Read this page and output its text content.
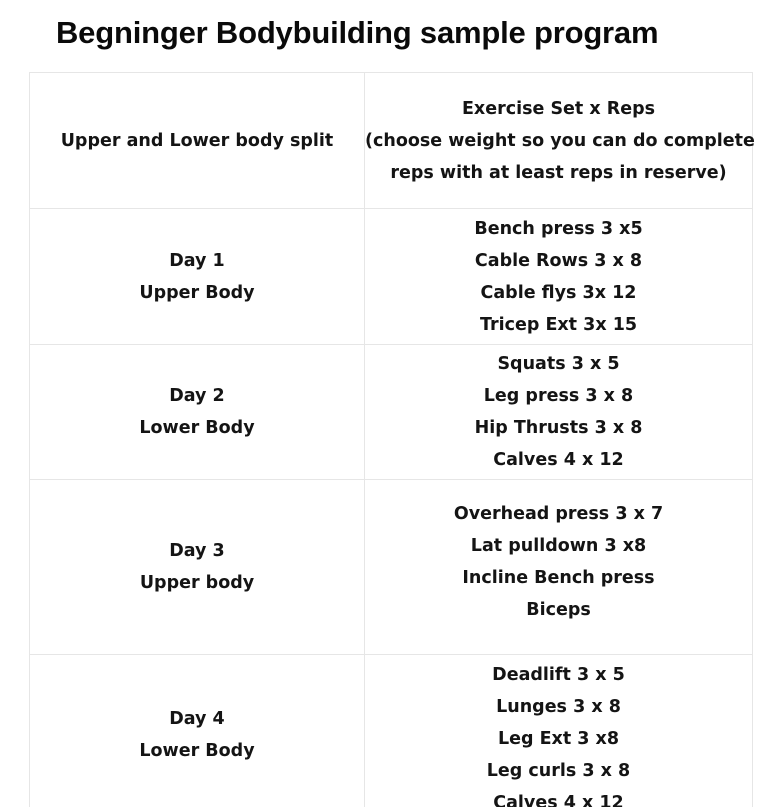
Begninger Bodybuilding sample program
Upper and Lower body split	Exercise Set x Reps
(choose weight so you can do complete
reps with at least reps in reserve)

Day 1
Upper Body	Bench press 3 x5
Cable Rows 3 x 8
Cable flys 3x 12
Tricep Ext 3x 15

Day 2
Lower Body	Squats 3 x 5
Leg press 3 x 8
Hip Thrusts 3 x 8
Calves 4 x 12

Day 3
Upper body	Overhead press 3 x 7
Lat pulldown 3 x8
Incline Bench press
Biceps

Day 4
Lower Body	Deadlift 3 x 5
Lunges 3 x 8
Leg Ext 3 x8
Leg curls 3 x 8
Calves 4 x 12
